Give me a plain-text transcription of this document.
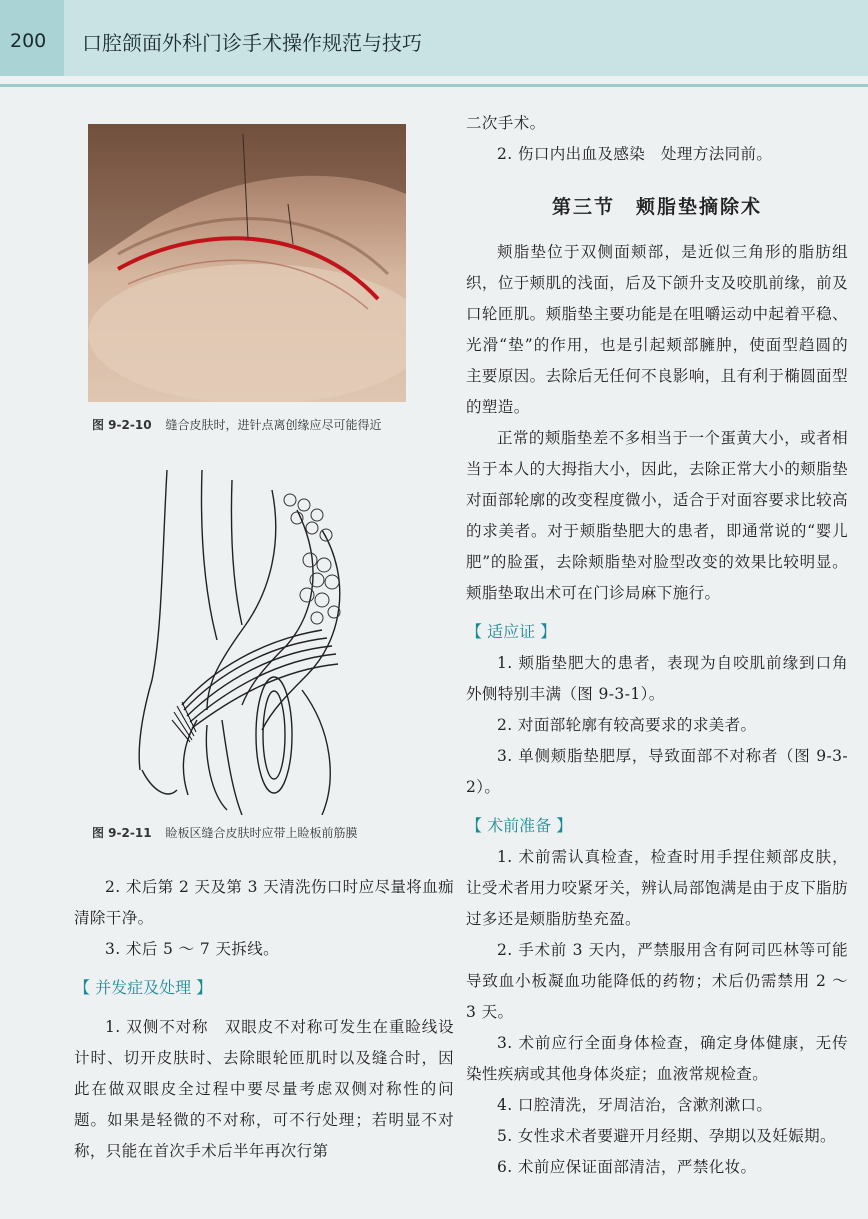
200 口腔颌面外科门诊手术操作规范与技巧
图 9-2-10 缝合皮肤时，进针点离创缘应尽可能得近
图 9-2-11 睑板区缝合皮肤时应带上睑板前筋膜

2. 术后第 2 天及第 3 天清洗伤口时应尽量将血痂清除干净。

3. 术后 5 ～ 7 天拆线。

【 并发症及处理 】

1. 双侧不对称　双眼皮不对称可发生在重睑线设计时、切开皮肤时、去除眼轮匝肌时以及缝合时，因此在做双眼皮全过程中要尽量考虑双侧对称性的问题。如果是轻微的不对称，可不行处理；若明显不对称，只能在首次手术后半年再次行第

二次手术。

2. 伤口内出血及感染　处理方法同前。

第三节　颊脂垫摘除术

颊脂垫位于双侧面颊部，是近似三角形的脂肪组织，位于颊肌的浅面，后及下颌升支及咬肌前缘，前及口轮匝肌。颊脂垫主要功能是在咀嚼运动中起着平稳、光滑“垫”的作用，也是引起颊部臃肿，使面型趋圆的主要原因。去除后无任何不良影响，且有利于椭圆面型的塑造。

正常的颊脂垫差不多相当于一个蛋黄大小，或者相当于本人的大拇指大小，因此，去除正常大小的颊脂垫对面部轮廓的改变程度微小，适合于对面容要求比较高的求美者。对于颊脂垫肥大的患者，即通常说的“婴儿肥”的脸蛋，去除颊脂垫对脸型改变的效果比较明显。颊脂垫取出术可在门诊局麻下施行。

【 适应证 】

1. 颊脂垫肥大的患者，表现为自咬肌前缘到口角外侧特别丰满（图 9-3-1）。

2. 对面部轮廓有较高要求的求美者。

3. 单侧颊脂垫肥厚，导致面部不对称者（图 9-3-2）。

【 术前准备 】

1. 术前需认真检查，检查时用手捏住颊部皮肤，让受术者用力咬紧牙关，辨认局部饱满是由于皮下脂肪过多还是颊脂肪垫充盈。

2. 手术前 3 天内，严禁服用含有阿司匹林等可能导致血小板凝血功能降低的药物；术后仍需禁用 2 ～ 3 天。

3. 术前应行全面身体检查，确定身体健康，无传染性疾病或其他身体炎症；血液常规检查。

4. 口腔清洗，牙周洁治，含漱剂漱口。

5. 女性求术者要避开月经期、孕期以及妊娠期。

6. 术前应保证面部清洁，严禁化妆。
